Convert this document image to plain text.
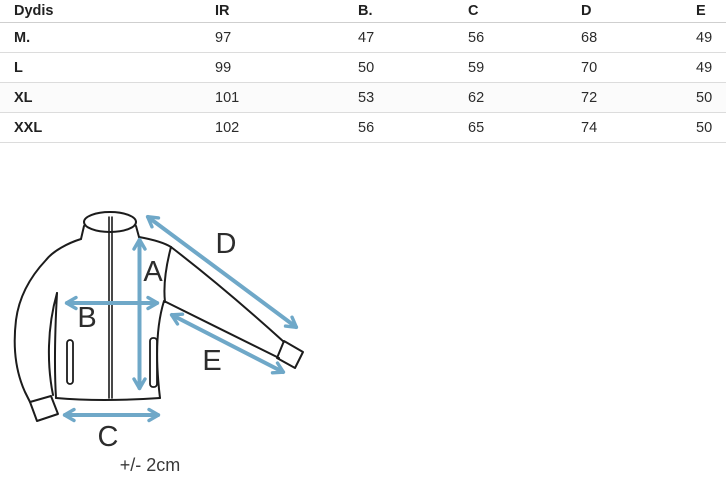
Dydis	IR	B.	C	D	E
M.	97	47	56	68	49
L	99	50	59	70	49
XL	101	53	62	72	50
XXL	102	56	65	74	50
A
B
C
D
E
+/- 2cm
